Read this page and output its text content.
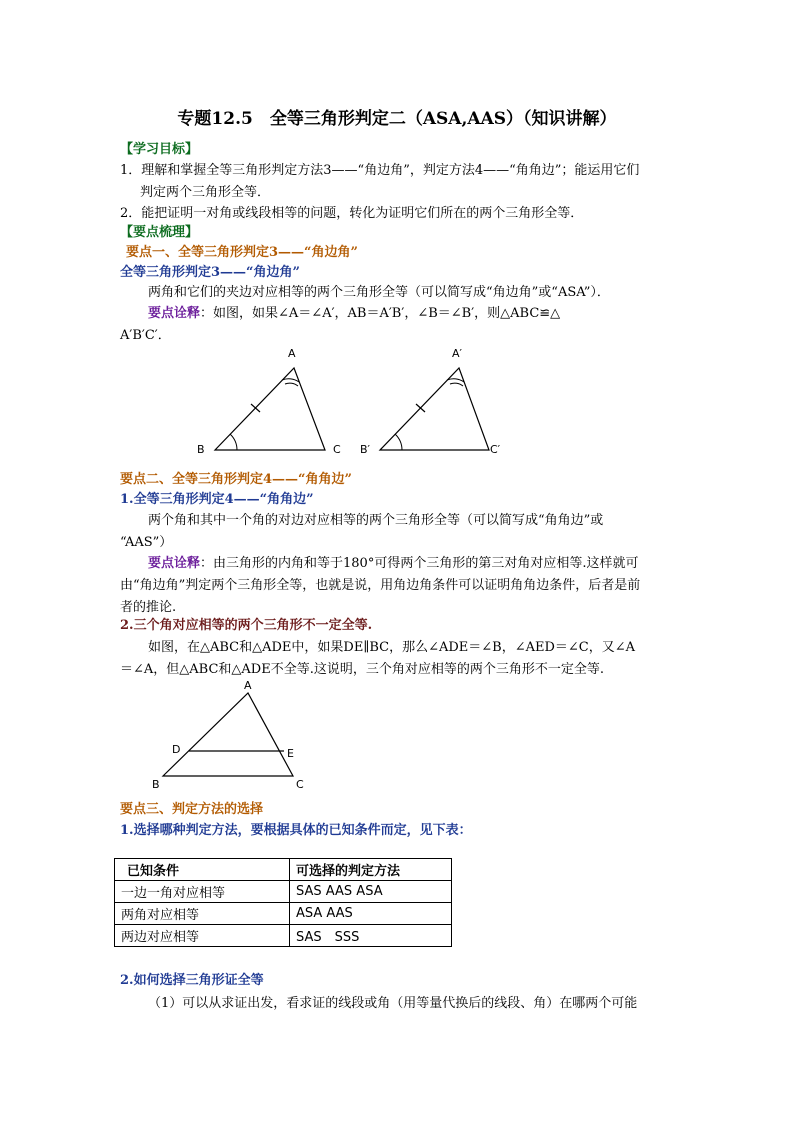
专题12.5　全等三角形判定二（ASA,AAS）（知识讲解）
【学习目标】
1．理解和掌握全等三角形判定方法3——“角边角”，判定方法4——“角角边”；能运用它们
判定两个三角形全等．
2．能把证明一对角或线段相等的问题，转化为证明它们所在的两个三角形全等．
【要点梳理】
要点一、全等三角形判定3——“角边角”
全等三角形判定3——“角边角”
两角和它们的夹边对应相等的两个三角形全等（可以简写成“角边角”或“ASA”）．
要点诠释：如图，如果∠A＝∠A′，AB＝A′B′，∠B＝∠B′，则△ABC≌△
A′B′C′．
A
B	C
A′
B′	C′
要点二、全等三角形判定4——“角角边”
1.全等三角形判定4——“角角边”
两个角和其中一个角的对边对应相等的两个三角形全等（可以简写成“角角边”或
“AAS”）
要点诠释：由三角形的内角和等于180°可得两个三角形的第三对角对应相等.这样就可
由“角边角”判定两个三角形全等，也就是说，用角边角条件可以证明角角边条件，后者是前
者的推论.
2.三个角对应相等的两个三角形不一定全等.
如图，在△ABC和△ADE中，如果DE∥BC，那么∠ADE＝∠B，∠AED＝∠C，又∠A
＝∠A，但△ABC和△ADE不全等.这说明，三个角对应相等的两个三角形不一定全等.
A
D	E
B	C
要点三、判定方法的选择
1.选择哪种判定方法，要根据具体的已知条件而定，见下表：
已知条件	可选择的判定方法
一边一角对应相等	SAS AAS ASA
两角对应相等	ASA AAS
两边对应相等	SAS　SSS
2.如何选择三角形证全等
（1）可以从求证出发，看求证的线段或角（用等量代换后的线段、角）在哪两个可能
